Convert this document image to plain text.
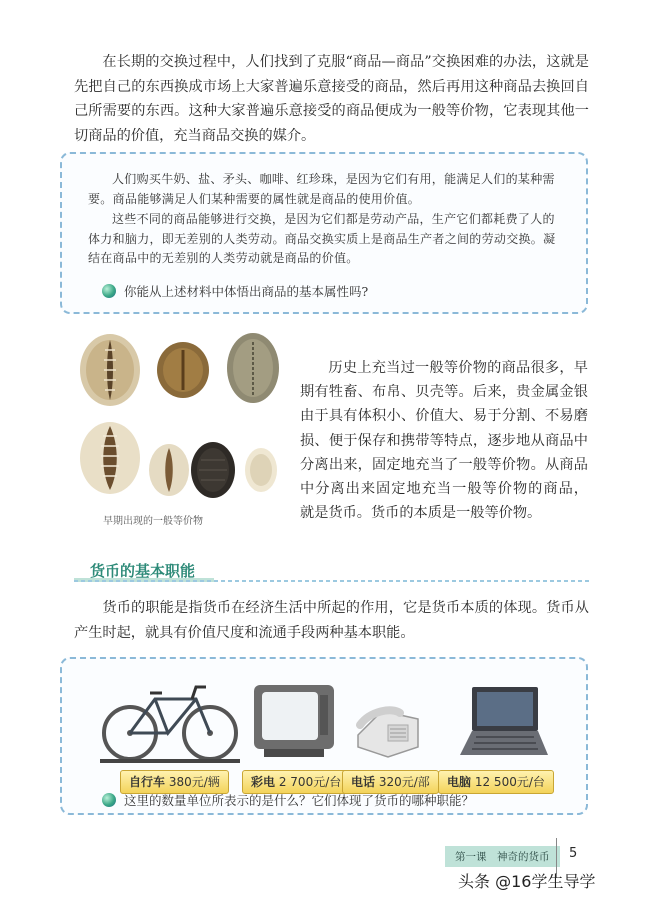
在长期的交换过程中，人们找到了克服“商品—商品”交换困难的办法，这就是先把自己的东西换成市场上大家普遍乐意接受的商品，然后再用这种商品去换回自己所需要的东西。这种大家普遍乐意接受的商品便成为一般等价物，它表现其他一切商品的价值，充当商品交换的媒介。

人们购买牛奶、盐、矛头、咖啡、红珍珠，是因为它们有用，能满足人们的某种需要。商品能够满足人们某种需要的属性就是商品的使用价值。

这些不同的商品能够进行交换，是因为它们都是劳动产品，生产它们都耗费了人的体力和脑力，即无差别的人类劳动。商品交换实质上是商品生产者之间的劳动交换。凝结在商品中的无差别的人类劳动就是商品的价值。

你能从上述材料中体悟出商品的基本属性吗?
早期出现的一般等价物

历史上充当过一般等价物的商品很多，早期有牲畜、布帛、贝壳等。后来，贵金属金银由于具有体积小、价值大、易于分割、不易磨损、便于保存和携带等特点，逐步地从商品中分离出来，固定地充当了一般等价物。从商品中分离出来固定地充当一般等价物的商品， 就是货币。货币的本质是一般等价物。

货币的基本职能

货币的职能是指货币在经济生活中所起的作用，它是货币本质的体现。货币从产生时起，就具有价值尺度和流通手段两种基本职能。

自行车 380元/辆	彩电 2 700元/台 电话 320元/部	电脑 12 500元/台
这里的数量单位所表示的是什么？它们体现了货币的哪种职能？
第一课　神奇的货币	5
头条 @16学生导学
